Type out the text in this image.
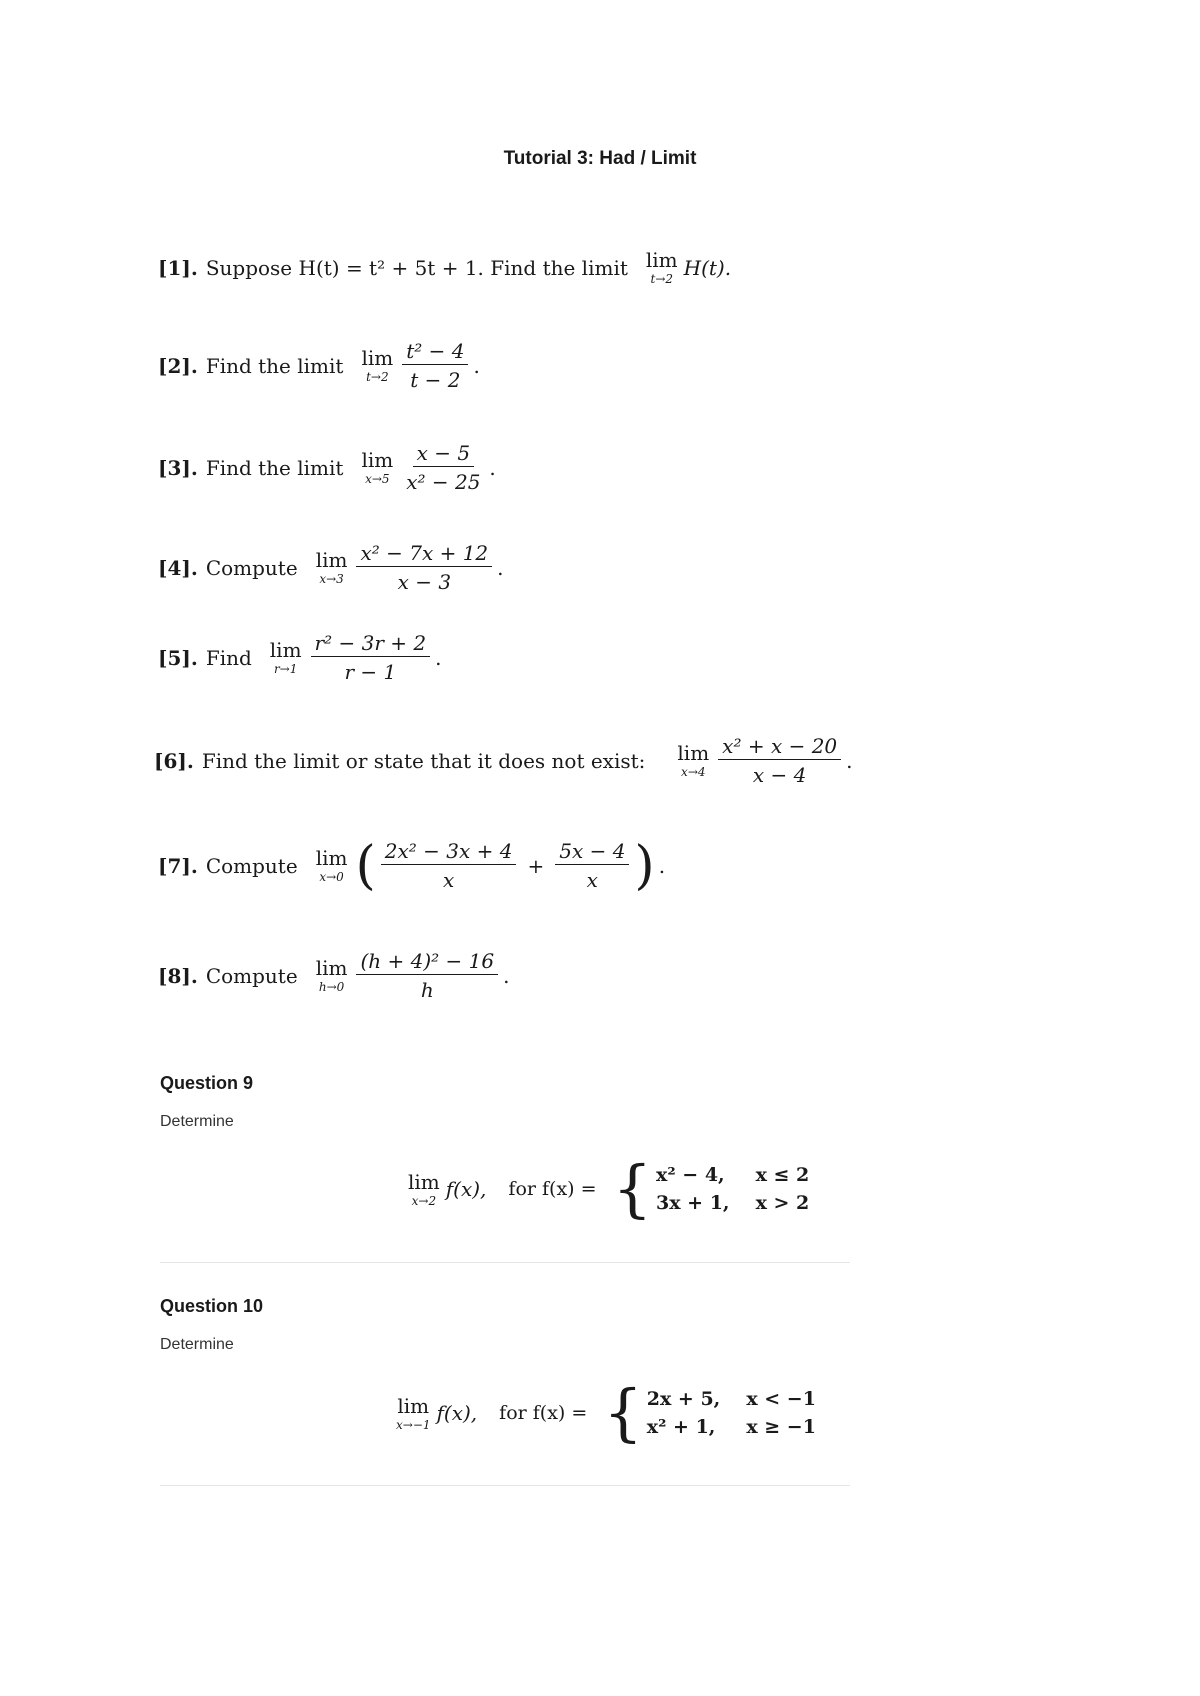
Tutorial 3: Had / Limit
[1]. Suppose H(t) = t² + 5t + 1. Find the limit lim
t→2 H(t).
[2]. Find the limit lim
$t\to 2 \frac{\text{t² − 4}}{t - 2}$ .
[3]. Find the limit lim
$x\to 5 \frac{x - 5}{\text{x² − 25}}$ .
[4]. Compute lim
$x\to 3 \frac{\text{x² − 7x + 12}}{x - 3}$ .
[5]. Find lim
$r\to 1 \frac{\text{r² − 3r + 2}}{r - 1}$ .
[6]. Find the limit or state that it does not exist: lim
$x\to 4 \frac{\text{x² + x − 20}}{x - 4}$ .
[7]. Compute lim
x→0 ( $\frac{\text{2x² − 3x + 4}}{x} + \frac{5x - 4}{x}$ ) .
[8]. Compute lim
$h\to 0 \frac{\text{(h + 4)² − 16}}{h}$ .
Question 9
Determine
lim
x→2 f(x), for f(x) = { x² − 4, x ≤ 2
3x + 1, x > 2
Question 10
Determine
lim
x→−1 f(x), for f(x) = { 2x + 5, x < −1
x² + 1, x ≥ −1
